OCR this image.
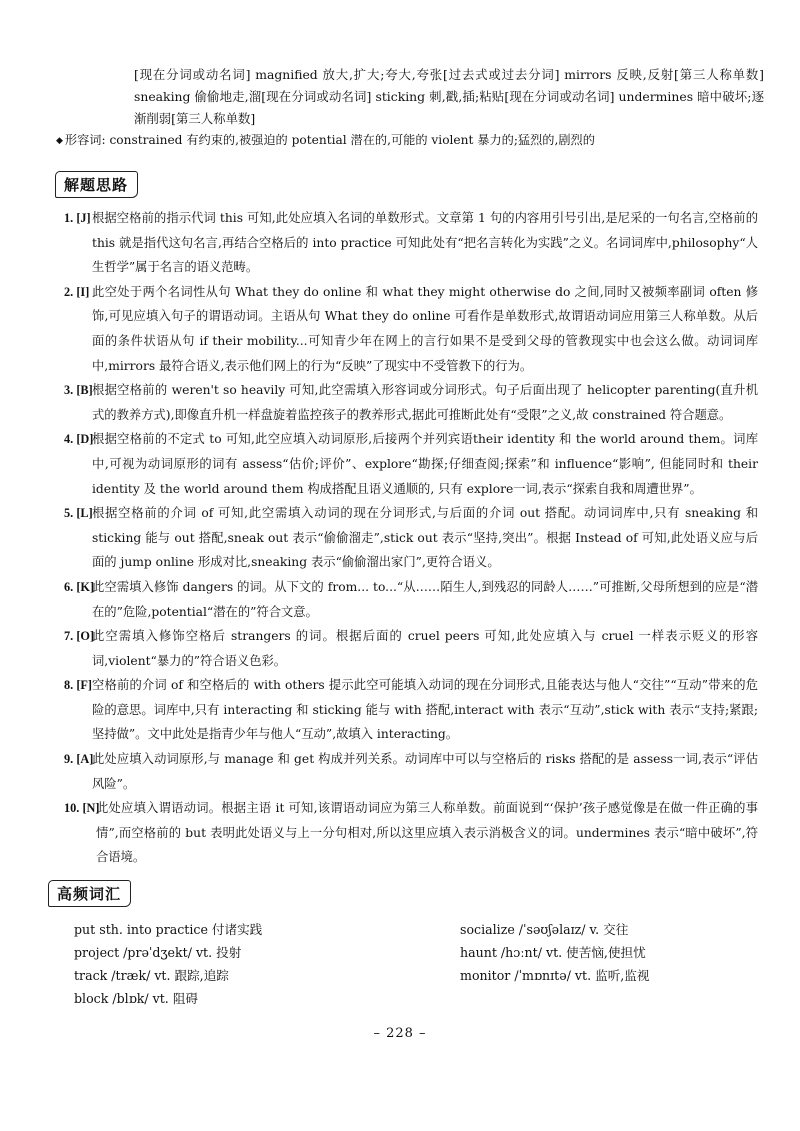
[现在分词或动名词] magnified 放大,扩大;夸大,夸张[过去式或过去分词] mirrors 反映,反射[第三人称单数] sneaking 偷偷地走,溜[现在分词或动名词] sticking 刺,戳,插;粘贴[现在分词或动名词] undermines 暗中破坏;逐渐削弱[第三人称单数]
◆ 形容词: constrained 有约束的,被强迫的 potential 潜在的,可能的 violent 暴力的;猛烈的,剧烈的
解题思路
1. [J] 根据空格前的指示代词 this 可知,此处应填入名词的单数形式。文章第 1 句的内容用引号引出,是尼采的一句名言,空格前的 this 就是指代这句名言,再结合空格后的 into practice 可知此处有“把名言转化为实践”之义。名词词库中,philosophy“人生哲学”属于名言的语义范畴。
2. [I] 此空处于两个名词性从句 What they do online 和 what they might otherwise do 之间,同时又被频率副词 often 修饰,可见应填入句子的谓语动词。主语从句 What they do online 可看作是单数形式,故谓语动词应用第三人称单数。从后面的条件状语从句 if their mobility...可知青少年在网上的言行如果不是受到父母的管教现实中也会这么做。动词词库中,mirrors 最符合语义,表示他们网上的行为“反映”了现实中不受管教下的行为。
3. [B] 根据空格前的 weren't so heavily 可知,此空需填入形容词或分词形式。句子后面出现了 helicopter parenting(直升机式的教养方式),即像直升机一样盘旋着监控孩子的教养形式,据此可推断此处有“受限”之义,故 constrained 符合题意。
4. [D]
根据空格前的不定式 to 可知,此空应填入动词原形,后接两个并列宾语their identity 和 the world around them。词库中,可视为动词原形的词有 assess“估价;评价”、explore“勘探;仔细查阅;探索”和 influence“影响”, 但能同时和 their identity 及 the world around them 构成搭配且语义通顺的, 只有 explore一词,表示“探索自我和周遭世界”。
5. [L] 根据空格前的介词 of 可知,此空需填入动词的现在分词形式,与后面的介词 out 搭配。动词词库中,只有 sneaking 和 sticking 能与 out 搭配,sneak out 表示“偷偷溜走”,stick out 表示“坚持,突出”。根据 Instead of 可知,此处语义应与后面的 jump online 形成对比,sneaking 表示“偷偷溜出家门”,更符合语义。
6. [K]
此空需填入修饰 dangers 的词。从下文的 from... to...“从……陌生人,到残忍的同龄人……”可推断,父母所想到的应是“潜在的”危险,potential“潜在的”符合文意。
7. [O]
此空需填入修饰空格后 strangers 的词。根据后面的 cruel peers 可知,此处应填入与 cruel 一样表示贬义的形容词,violent“暴力的”符合语义色彩。
8. [F] 空格前的介词 of 和空格后的 with others 提示此空可能填入动词的现在分词形式,且能表达与他人“交往”“互动”带来的危险的意思。词库中,只有 interacting 和 sticking 能与 with 搭配,interact with 表示“互动”,stick with 表示“支持;紧跟;坚持做”。文中此处是指青少年与他人“互动”,故填入 interacting。
9. [A]
此处应填入动词原形,与 manage 和 get 构成并列关系。动词库中可以与空格后的 risks 搭配的是 assess一词,表示“评估风险”。
10. [N]
此处应填入谓语动词。根据主语 it 可知,该谓语动词应为第三人称单数。前面说到“‘保护’孩子感觉像是在做一件正确的事情”,而空格前的 but 表明此处语义与上一分句相对,所以这里应填入表示消极含义的词。undermines 表示“暗中破坏”,符合语境。
高频词汇
put sth. into practice 付诸实践
project /prəˈdʒekt/ vt. 投射
track /træk/ vt. 跟踪,追踪
block /blɒk/ vt. 阻碍
socialize /ˈsəʊʃəlaɪz/ v. 交往
haunt /hɔːnt/ vt. 使苦恼,使担忧
monitor /ˈmɒnɪtə/ vt. 监听,监视
– 228 –
